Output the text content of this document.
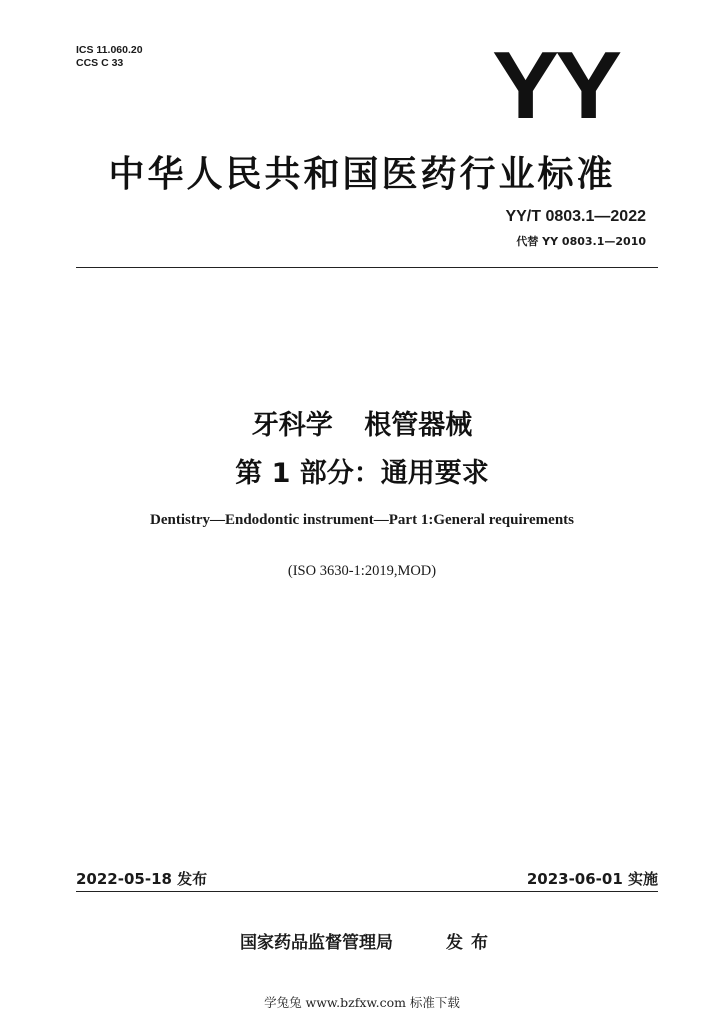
ICS 11.060.20
CCS C 33	YY
中华人民共和国医药行业标准
YY/T 0803.1—2022
代替 YY 0803.1—2010
牙科学 根管器械
第 1 部分：通用要求
Dentistry—Endodontic instrument—Part 1:General requirements
(ISO 3630-1:2019,MOD)
2022-05-18 发布	2023-06-01 实施
国家药品监督管理局	发布
学兔兔 www.bzfxw.com 标准下载
